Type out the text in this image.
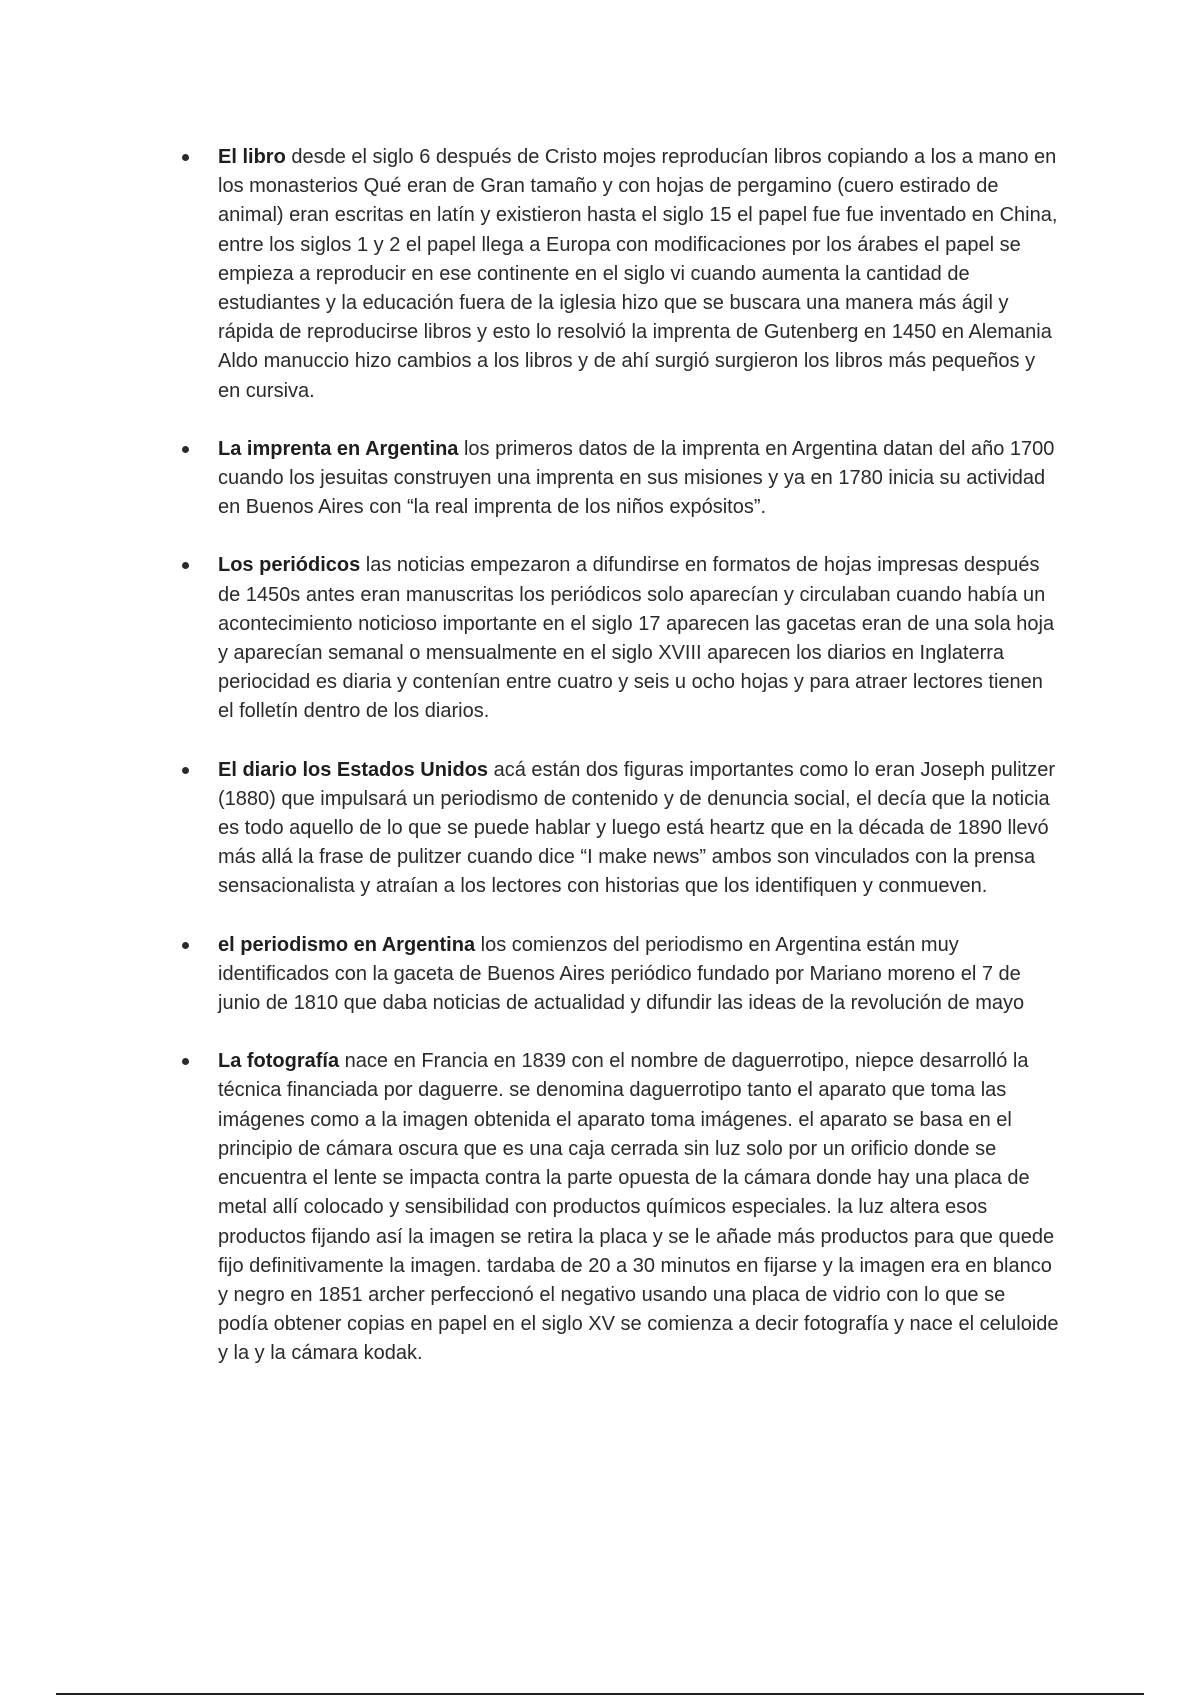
El libro desde el siglo 6 después de Cristo mojes reproducían libros copiando a los a mano en los monasterios Qué eran de Gran tamaño y con hojas de pergamino (cuero estirado de animal) eran escritas en latín y existieron hasta el siglo 15 el papel fue fue inventado en China, entre los siglos 1 y 2 el papel llega a Europa con modificaciones por los árabes el papel se empieza a reproducir en ese continente en el siglo vi cuando aumenta la cantidad de estudiantes y la educación fuera de la iglesia hizo que se buscara una manera más ágil y rápida de reproducirse libros y esto lo resolvió la imprenta de Gutenberg en 1450 en Alemania Aldo manuccio hizo cambios a los libros y de ahí surgió surgieron los libros más pequeños y en cursiva.
La imprenta en Argentina los primeros datos de la imprenta en Argentina datan del año 1700 cuando los jesuitas construyen una imprenta en sus misiones y ya en 1780 inicia su actividad en Buenos Aires con “la real imprenta de los niños expósitos”.
Los periódicos las noticias empezaron a difundirse en formatos de hojas impresas después de 1450s antes eran manuscritas los periódicos solo aparecían y circulaban cuando había un acontecimiento noticioso importante en el siglo 17 aparecen las gacetas eran de una sola hoja y aparecían semanal o mensualmente en el siglo XVIII aparecen los diarios en Inglaterra periocidad es diaria y contenían entre cuatro y seis u ocho hojas y para atraer lectores tienen el folletín dentro de los diarios.
El diario los Estados Unidos acá están dos figuras importantes como lo eran Joseph pulitzer (1880) que impulsará un periodismo de contenido y de denuncia social, el decía que la noticia es todo aquello de lo que se puede hablar y luego está heartz que en la década de 1890 llevó más allá la frase de pulitzer cuando dice “I make news” ambos son vinculados con la prensa sensacionalista y atraían a los lectores con historias que los identifiquen y conmueven.
el periodismo en Argentina los comienzos del periodismo en Argentina están muy identificados con la gaceta de Buenos Aires periódico fundado por Mariano moreno el 7 de junio de 1810 que daba noticias de actualidad y difundir las ideas de la revolución de mayo
La fotografía nace en Francia en 1839 con el nombre de daguerrotipo, niepce desarrolló la técnica financiada por daguerre. se denomina daguerrotipo tanto el aparato que toma las imágenes como a la imagen obtenida el aparato toma imágenes. el aparato se basa en el principio de cámara oscura que es una caja cerrada sin luz solo por un orificio donde se encuentra el lente se impacta contra la parte opuesta de la cámara donde hay una placa de metal allí colocado y sensibilidad con productos químicos especiales. la luz altera esos productos fijando así la imagen se retira la placa y se le añade más productos para que quede fijo definitivamente la imagen. tardaba de 20 a 30 minutos en fijarse y la imagen era en blanco y negro en 1851 archer perfeccionó el negativo usando una placa de vidrio con lo que se podía obtener copias en papel en el siglo XV se comienza a decir fotografía y nace el celuloide y la y la cámara kodak.
